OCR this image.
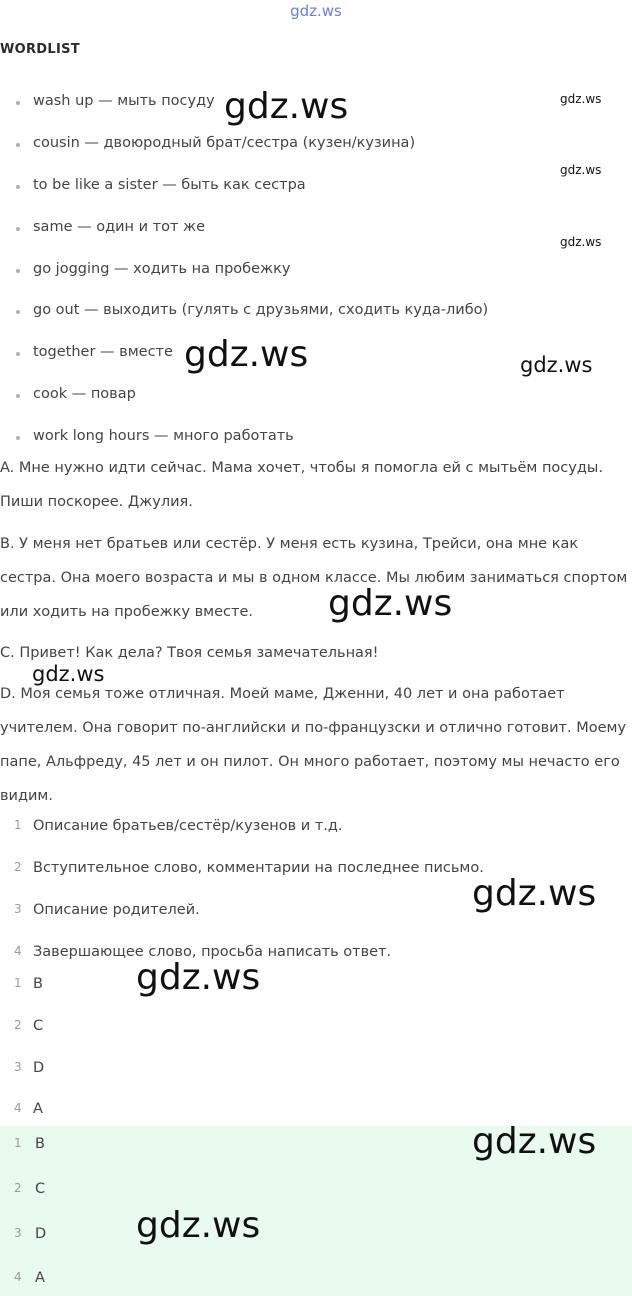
gdz.ws
WORDLIST
wash up — мыть посуду
cousin — двоюродный брат/сестра (кузен/кузина)
to be like a sister — быть как сестра
same — один и тот же
go jogging — ходить на пробежку
go out — выходить (гулять с друзьями, сходить куда-либо)
together — вместе
cook — повар
work long hours — много работать
A. Мне нужно идти сейчас. Мама хочет, чтобы я помогла ей с мытьём посуды. Пиши поскорее. Джулия.
B. У меня нет братьев или сестёр. У меня есть кузина, Трейси, она мне как сестра. Она моего возраста и мы в одном классе. Мы любим заниматься спортом или ходить на пробежку вместе.
C. Привет! Как дела? Твоя семья замечательная!
D. Моя семья тоже отличная. Моей маме, Дженни, 40 лет и она работает учителем. Она говорит по-английски и по-французски и отлично готовит. Моему папе, Альфреду, 45 лет и он пилот. Он много работает, поэтому мы нечасто его видим.
1 Описание братьев/сестёр/кузенов и т.д.
2 Вступительное слово, комментарии на последнее письмо.
3 Описание родителей.
4 Завершающее слово, просьба написать ответ.
1 B
2 C
3 D
4 A
1 B
2 C
3 D
4 A
gdz.ws	gdz.ws
gdz.ws
gdz.ws
gdz.ws	gdz.ws
gdz.ws
gdz.ws
gdz.ws
gdz.ws
gdz.ws
gdz.ws
